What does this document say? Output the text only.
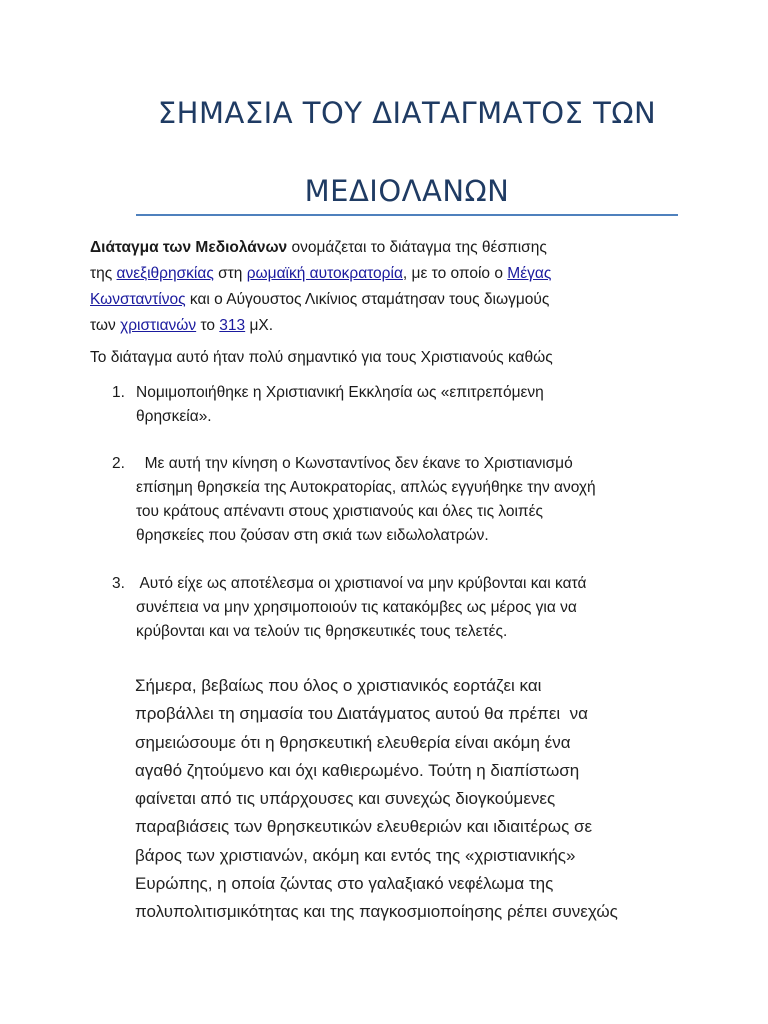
ΣΗΜΑΣΙΑ ΤΟΥ ΔΙΑΤΑΓΜΑΤΟΣ ΤΩΝ
ΜΕΔΙΟΛΑΝΩΝ

Διάταγμα των Μεδιολάνων ονομάζεται το διάταγμα της θέσπισης
της ανεξιθρησκίας στη ρωμαϊκή αυτοκρατορία, με το οποίο ο Μέγας
Κωνσταντίνος και ο Αύγουστος Λικίνιος σταμάτησαν τους διωγμούς
των χριστιανών το 313 μΧ.

Το διάταγμα αυτό ήταν πολύ σημαντικό για τους Χριστιανούς καθώς

1. Νομιμοποιήθηκε η Χριστιανική Εκκλησία ως «επιτρεπόμενη
θρησκεία».
2. Με αυτή την κίνηση ο Κωνσταντίνος δεν έκανε το Χριστιανισμό
επίσημη θρησκεία της Αυτοκρατορίας, απλώς εγγυήθηκε την ανοχή
του κράτους απέναντι στους χριστιανούς και όλες τις λοιπές
θρησκείες που ζούσαν στη σκιά των ειδωλολατρών.
3. Αυτό είχε ως αποτέλεσμα οι χριστιανοί να μην κρύβονται και κατά
συνέπεια να μην χρησιμοποιούν τις κατακόμβες ως μέρος για να
κρύβονται και να τελούν τις θρησκευτικές τους τελετές.

Σήμερα, βεβαίως που όλος ο χριστιανικός εορτάζει και
προβάλλει τη σημασία του Διατάγματος αυτού θα πρέπει  να
σημειώσουμε ότι η θρησκευτική ελευθερία είναι ακόμη ένα
αγαθό ζητούμενο και όχι καθιερωμένο. Τούτη η διαπίστωση
φαίνεται από τις υπάρχουσες και συνεχώς διογκούμενες
παραβιάσεις των θρησκευτικών ελευθεριών και ιδιαιτέρως σε
βάρος των χριστιανών, ακόμη και εντός της «χριστιανικής»
Ευρώπης, η οποία ζώντας στο γαλαξιακό νεφέλωμα της
πολυπολιτισμικότητας και της παγκοσμιοποίησης ρέπει συνεχώς
